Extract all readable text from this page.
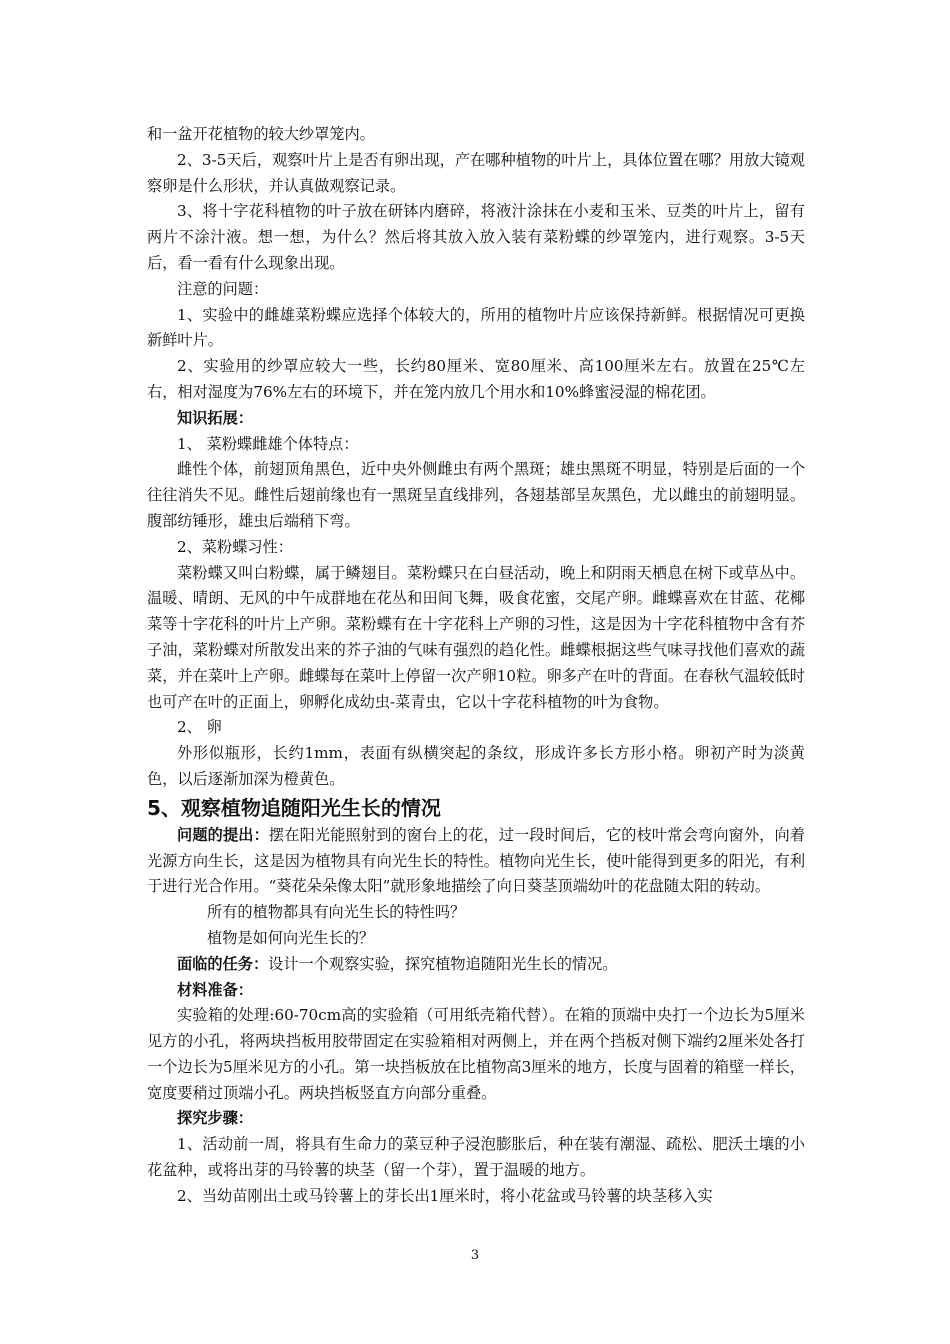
和一盆开花植物的较大纱罩笼内。

2、3-5天后，观察叶片上是否有卵出现，产在哪种植物的叶片上，具体位置在哪？用放大镜观察卵是什么形状，并认真做观察记录。

3、将十字花科植物的叶子放在研钵内磨碎，将液汁涂抹在小麦和玉米、豆类的叶片上，留有两片不涂汁液。想一想，为什么？然后将其放入放入装有菜粉蝶的纱罩笼内，进行观察。3-5天后，看一看有什么现象出现。

注意的问题：

1、实验中的雌雄菜粉蝶应选择个体较大的，所用的植物叶片应该保持新鲜。根据情况可更换新鲜叶片。

2、实验用的纱罩应较大一些，长约80厘米、宽80厘米、高100厘米左右。放置在25℃左右，相对湿度为76%左右的环境下，并在笼内放几个用水和10%蜂蜜浸湿的棉花团。

知识拓展：

1、 菜粉蝶雌雄个体特点：

雌性个体，前翅顶角黑色，近中央外侧雌虫有两个黑斑；雄虫黑斑不明显，特别是后面的一个往往消失不见。雌性后翅前缘也有一黑斑呈直线排列，各翅基部呈灰黑色，尤以雌虫的前翅明显。腹部纺锤形，雄虫后端稍下弯。

2、菜粉蝶习性：

菜粉蝶又叫白粉蝶，属于鳞翅目。菜粉蝶只在白昼活动，晚上和阴雨天栖息在树下或草丛中。温暖、晴朗、无风的中午成群地在花丛和田间飞舞，吸食花蜜，交尾产卵。雌蝶喜欢在甘蓝、花椰菜等十字花科的叶片上产卵。菜粉蝶有在十字花科上产卵的习性，这是因为十字花科植物中含有芥子油，菜粉蝶对所散发出来的芥子油的气味有强烈的趋化性。雌蝶根据这些气味寻找他们喜欢的蔬菜，并在菜叶上产卵。雌蝶每在菜叶上停留一次产卵10粒。卵多产在叶的背面。在春秋气温较低时也可产在叶的正面上，卵孵化成幼虫-菜青虫，它以十字花科植物的叶为食物。

2、 卵

外形似瓶形，长约1mm，表面有纵横突起的条纹，形成许多长方形小格。卵初产时为淡黄色，以后逐渐加深为橙黄色。

5、观察植物追随阳光生长的情况

问题的提出：摆在阳光能照射到的窗台上的花，过一段时间后，它的枝叶常会弯向窗外，向着光源方向生长，这是因为植物具有向光生长的特性。植物向光生长，使叶能得到更多的阳光，有利于进行光合作用。“葵花朵朵像太阳”就形象地描绘了向日葵茎顶端幼叶的花盘随太阳的转动。

所有的植物都具有向光生长的特性吗？

植物是如何向光生长的？

面临的任务：设计一个观察实验，探究植物追随阳光生长的情况。

材料准备：

实验箱的处理:60-70cm高的实验箱（可用纸壳箱代替）。在箱的顶端中央打一个边长为5厘米见方的小孔，将两块挡板用胶带固定在实验箱相对两侧上，并在两个挡板对侧下端约2厘米处各打一个边长为5厘米见方的小孔。第一块挡板放在比植物高3厘米的地方，长度与固着的箱壁一样长，宽度要稍过顶端小孔。两块挡板竖直方向部分重叠。

探究步骤：

1、活动前一周，将具有生命力的菜豆种子浸泡膨胀后，种在装有潮湿、疏松、肥沃土壤的小花盆种，或将出芽的马铃薯的块茎（留一个芽），置于温暖的地方。

2、当幼苗刚出土或马铃薯上的芽长出1厘米时，将小花盆或马铃薯的块茎移入实

3
